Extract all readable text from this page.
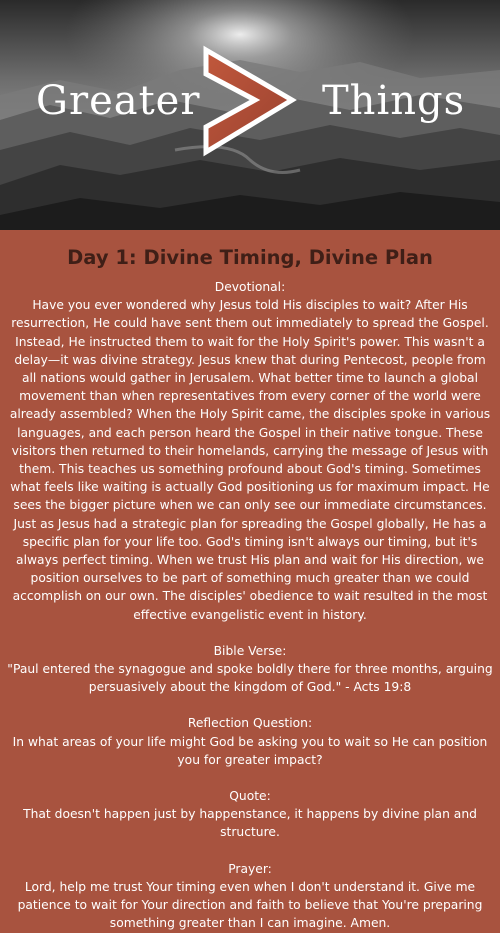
Greater	Things
Day 1: Divine Timing, Divine Plan

Devotional:

Have you ever wondered why Jesus told His disciples to wait? After His resurrection, He could have sent them out immediately to spread the Gospel. Instead, He instructed them to wait for the Holy Spirit's power. This wasn't a delay—it was divine strategy. Jesus knew that during Pentecost, people from all nations would gather in Jerusalem. What better time to launch a global movement than when representatives from every corner of the world were already assembled? When the Holy Spirit came, the disciples spoke in various languages, and each person heard the Gospel in their native tongue. These visitors then returned to their homelands, carrying the message of Jesus with them. This teaches us something profound about God's timing. Sometimes what feels like waiting is actually God positioning us for maximum impact. He sees the bigger picture when we can only see our immediate circumstances. Just as Jesus had a strategic plan for spreading the Gospel globally, He has a specific plan for your life too. God's timing isn't always our timing, but it's always perfect timing. When we trust His plan and wait for His direction, we position ourselves to be part of something much greater than we could accomplish on our own. The disciples' obedience to wait resulted in the most effective evangelistic event in history.

Bible Verse:

"Paul entered the synagogue and spoke boldly there for three months, arguing persuasively about the kingdom of God." - Acts 19:8

Reflection Question:

In what areas of your life might God be asking you to wait so He can position you for greater impact?

Quote:

That doesn't happen just by happenstance, it happens by divine plan and structure.

Prayer:

Lord, help me trust Your timing even when I don't understand it. Give me patience to wait for Your direction and faith to believe that You're preparing something greater than I can imagine. Amen.
